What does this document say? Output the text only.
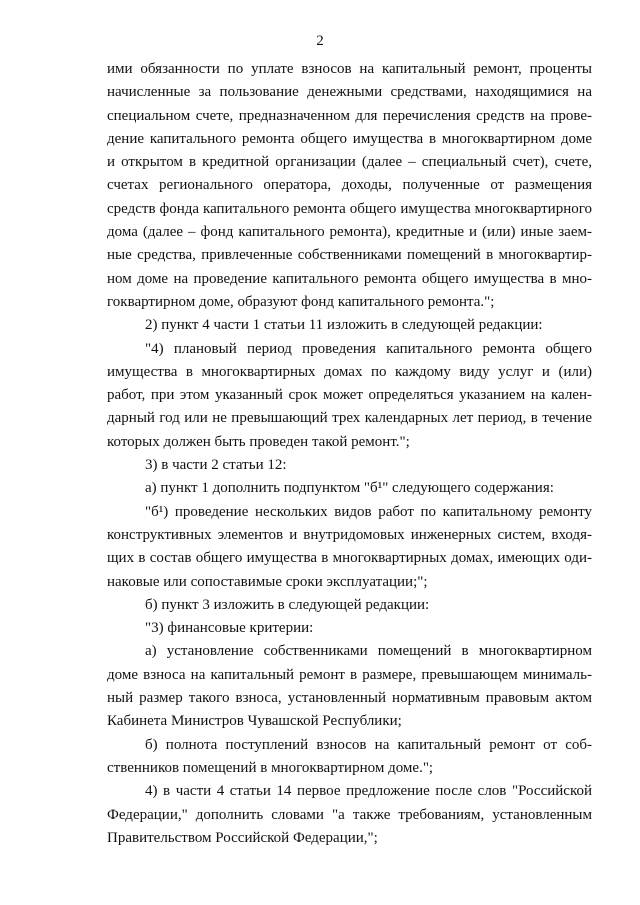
2
ими обязанности по уплате взносов на капитальный ремонт, проценты
начисленные за пользование денежными средствами, находящимися на
специальном счете, предназначенном для перечисления средств на прове-
дение капитального ремонта общего имущества в многоквартирном доме
и открытом в кредитной организации (далее – специальный счет), счете,
счетах регионального оператора, доходы, полученные от размещения
средств фонда капитального ремонта общего имущества многоквартирного
дома (далее – фонд капитального ремонта), кредитные и (или) иные заем-
ные средства, привлеченные собственниками помещений в многоквартир-
ном доме на проведение капитального ремонта общего имущества в мно-
гоквартирном доме, образуют фонд капитального ремонта.";
2) пункт 4 части 1 статьи 11 изложить в следующей редакции:
"4) плановый период проведения капитального ремонта общего
имущества в многоквартирных домах по каждому виду услуг и (или)
работ, при этом указанный срок может определяться указанием на кален-
дарный год или не превышающий трех календарных лет период, в течение
которых должен быть проведен такой ремонт.";
3) в части 2 статьи 12:
а) пункт 1 дополнить подпунктом "б¹" следующего содержания:
"б¹) проведение нескольких видов работ по капитальному ремонту
конструктивных элементов и внутридомовых инженерных систем, входя-
щих в состав общего имущества в многоквартирных домах, имеющих оди-
наковые или сопоставимые сроки эксплуатации;";
б) пункт 3 изложить в следующей редакции:
"3) финансовые критерии:
а) установление собственниками помещений в многоквартирном
доме взноса на капитальный ремонт в размере, превышающем минималь-
ный размер такого взноса, установленный нормативным правовым актом
Кабинета Министров Чувашской Республики;
б) полнота поступлений взносов на капитальный ремонт от соб-
ственников помещений в многоквартирном доме.";
4) в части 4 статьи 14 первое предложение после слов "Российской
Федерации," дополнить словами "а также требованиям, установленным
Правительством Российской Федерации,";
